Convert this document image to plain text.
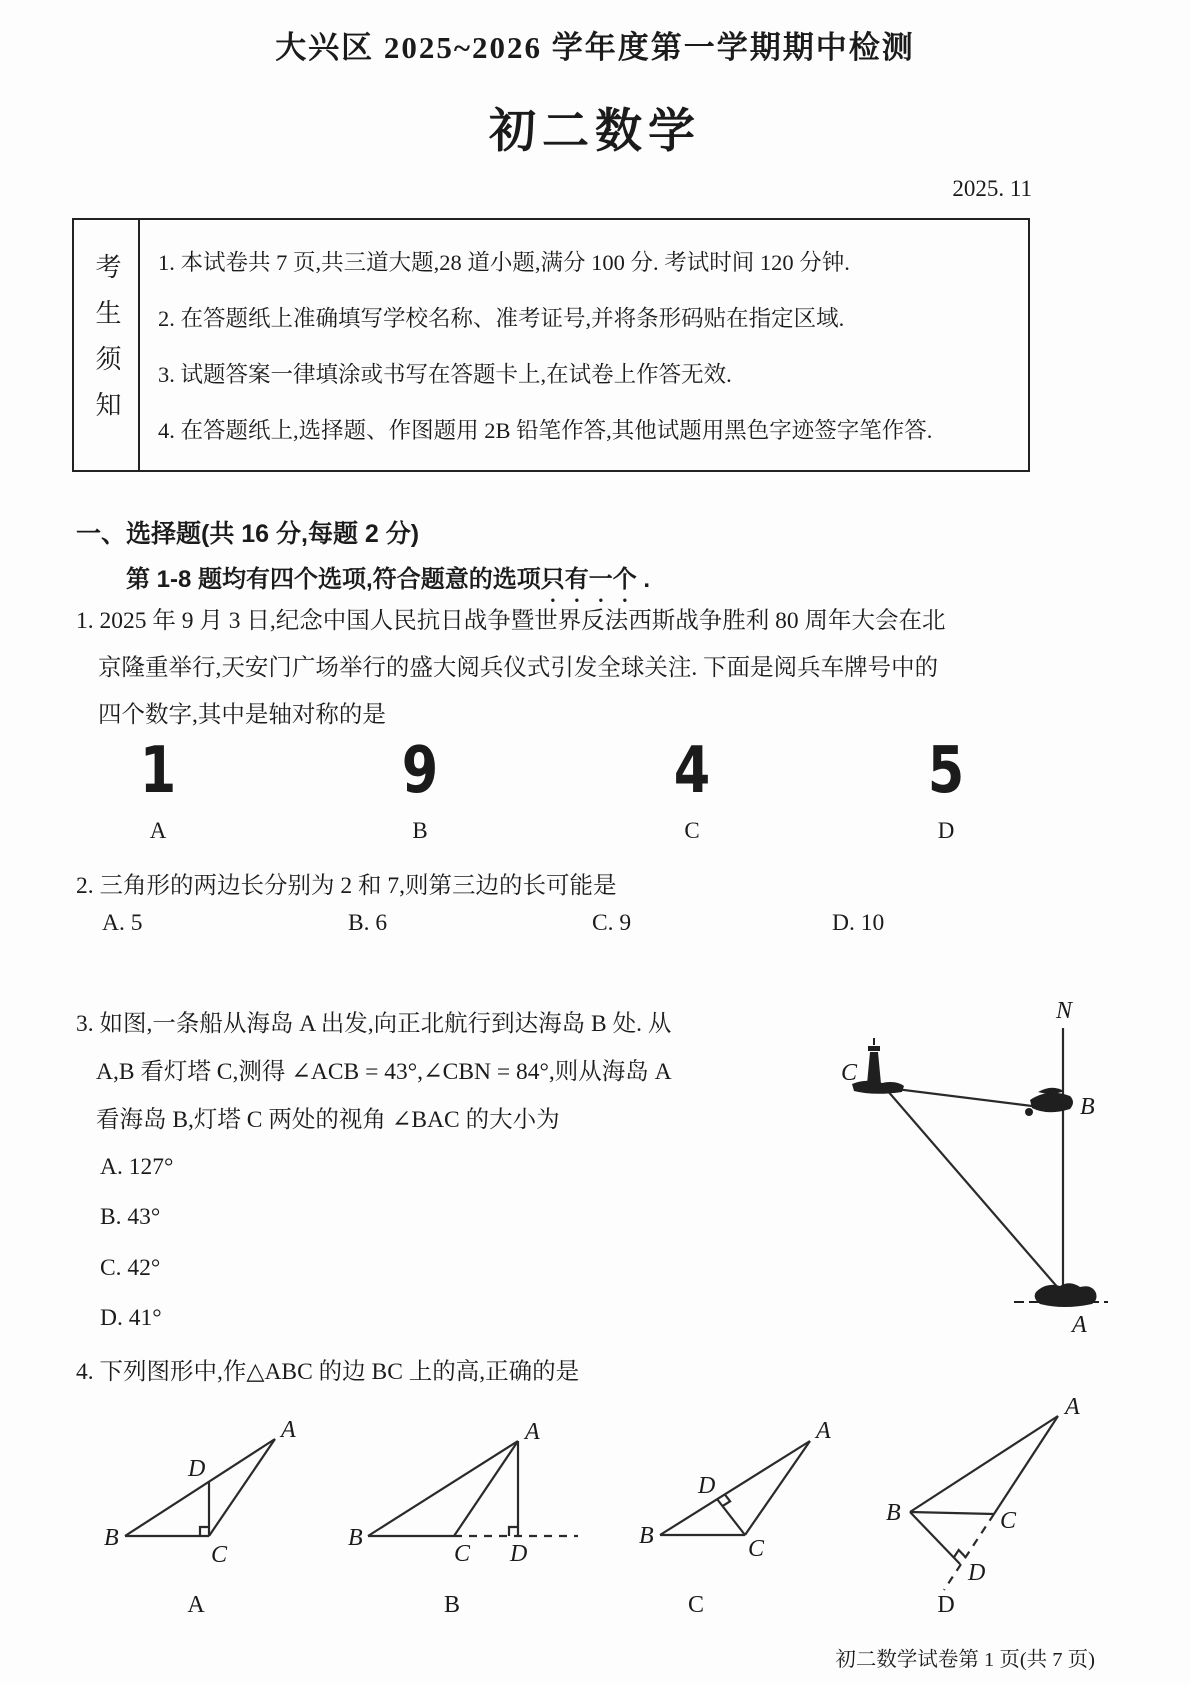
大兴区 2025~2026 学年度第一学期期中检测
初二数学
2025. 11
考生须知 1. 本试卷共 7 页,共三道大题,28 道小题,满分 100 分. 考试时间 120 分钟.
2. 在答题纸上准确填写学校名称、准考证号,并将条形码贴在指定区域.
3. 试题答案一律填涂或书写在答题卡上,在试卷上作答无效.
4. 在答题纸上,选择题、作图题用 2B 铅笔作答,其他试题用黑色字迹签字笔作答.
一、选择题(共 16 分,每题 2 分)
第 1-8 题均有四个选项,符合题意的选项只有一个 .
1. 2025 年 9 月 3 日,纪念中国人民抗日战争暨世界反法西斯战争胜利 80 周年大会在北
京隆重举行,天安门广场举行的盛大阅兵仪式引发全球关注. 下面是阅兵车牌号中的
四个数字,其中是轴对称的是
1	9	4	5
A	B	C	D
2. 三角形的两边长分别为 2 和 7,则第三边的长可能是
A. 5	B. 6	C. 9	D. 10
3. 如图,一条船从海岛 A 出发,向正北航行到达海岛 B 处. 从
A,B 看灯塔 C,测得 ∠ACB = 43°,∠CBN = 84°,则从海岛 A
看海岛 B,灯塔 C 两处的视角 ∠BAC 的大小为
A. 127°
B. 43°
C. 42°
D. 41°
N
C
B
A
4. 下列图形中,作△ABC 的边 BC 上的高,正确的是
B
C
D
A
B
C D
A
B	C
D
A
B	C
D
A
A	B	C	D
初二数学试卷第 1 页(共 7 页)
